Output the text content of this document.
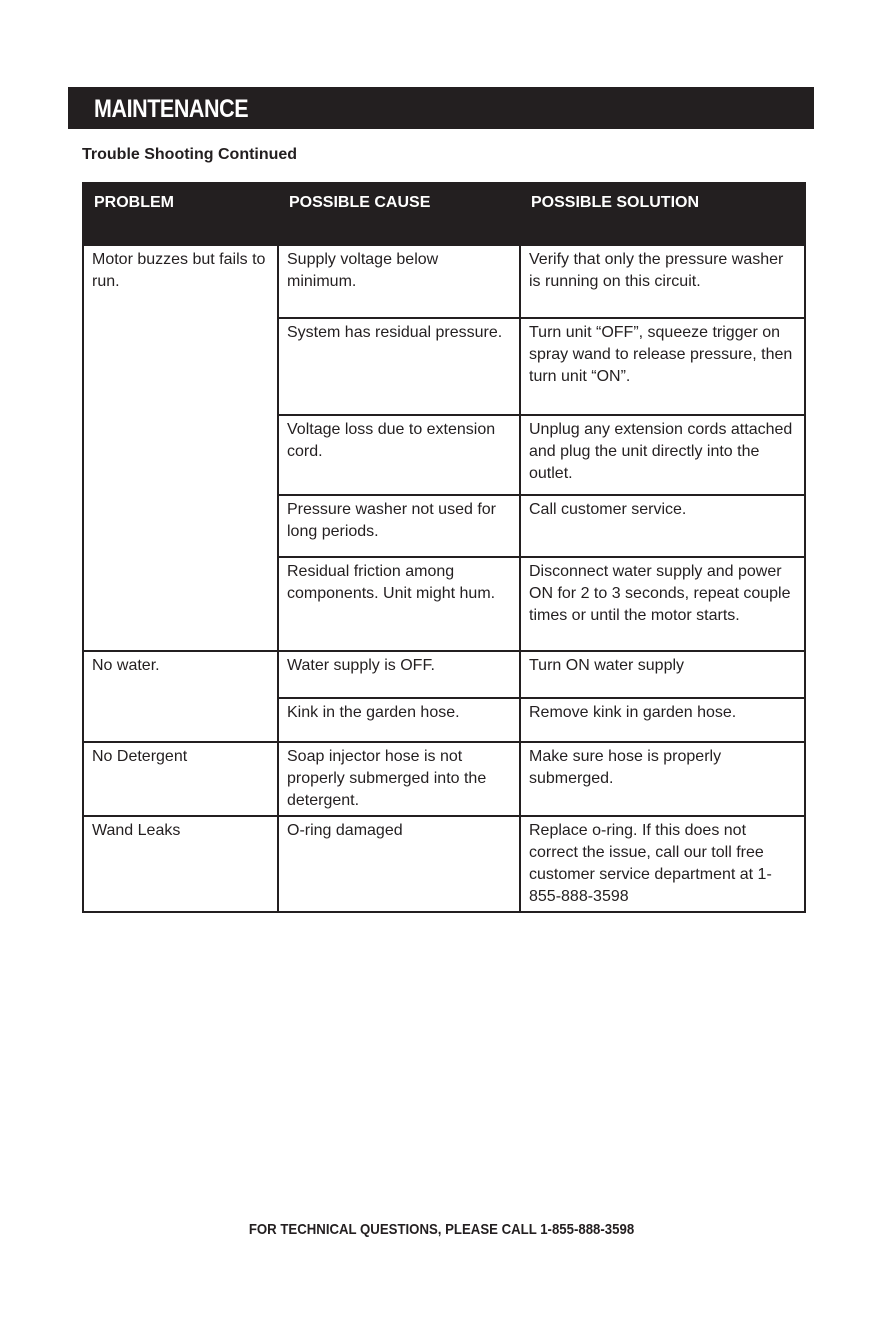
MAINTENANCE
Trouble Shooting Continued
PROBLEM	POSSIBLE CAUSE	POSSIBLE SOLUTION
Motor buzzes but fails to run.	Supply voltage below minimum.	Verify that only the pressure washer is running on this circuit.
	System has residual pressure.	Turn unit “OFF”, squeeze trigger on spray wand to release pressure, then turn unit “ON”.
	Voltage loss due to extension cord.	Unplug any extension cords attached and plug the unit directly into the outlet.
	Pressure washer not used for long periods.	Call customer service.
	Residual friction among components. Unit might hum.	Disconnect water supply and power ON for 2 to 3 seconds, repeat couple times or until the motor starts.
No water.	Water supply is OFF.	Turn ON water supply
	Kink in the garden hose.	Remove kink in garden hose.
No Detergent	Soap injector hose is not properly submerged into the detergent.	Make sure hose is properly submerged.
Wand Leaks	O-ring damaged	Replace o-ring. If this does not correct the issue, call our toll free customer service department at 1-855-888-3598
FOR TECHNICAL QUESTIONS, PLEASE CALL 1-855-888-3598
